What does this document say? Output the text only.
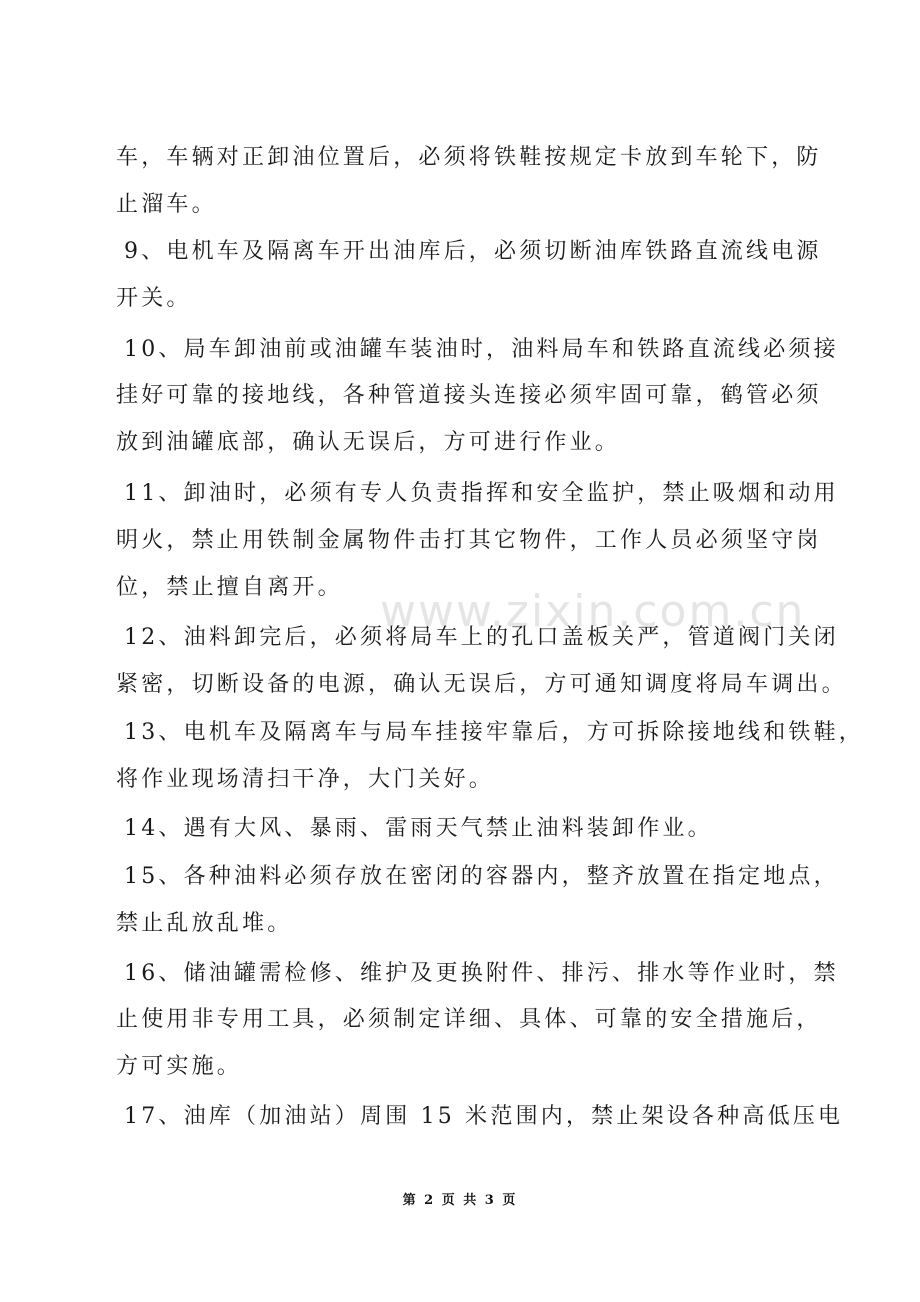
车，车辆对正卸油位置后，必须将铁鞋按规定卡放到车轮下，防
止溜车。
9、电机车及隔离车开出油库后，必须切断油库铁路直流线电源
开关。
10、局车卸油前或油罐车装油时，油料局车和铁路直流线必须接
挂好可靠的接地线，各种管道接头连接必须牢固可靠，鹤管必须
放到油罐底部，确认无误后，方可进行作业。
11、卸油时，必须有专人负责指挥和安全监护，禁止吸烟和动用
明火，禁止用铁制金属物件击打其它物件，工作人员必须坚守岗
位，禁止擅自离开。
12、油料卸完后，必须将局车上的孔口盖板关严，管道阀门关闭
紧密，切断设备的电源，确认无误后，方可通知调度将局车调出。
13、电机车及隔离车与局车挂接牢靠后，方可拆除接地线和铁鞋，
将作业现场清扫干净，大门关好。
14、遇有大风、暴雨、雷雨天气禁止油料装卸作业。
15、各种油料必须存放在密闭的容器内，整齐放置在指定地点，
禁止乱放乱堆。
16、储油罐需检修、维护及更换附件、排污、排水等作业时，禁
止使用非专用工具，必须制定详细、具体、可靠的安全措施后，
方可实施。
17、油库（加油站）周围 15 米范围内，禁止架设各种高低压电
www.zixin.com.cn
第 2 页 共 3 页
